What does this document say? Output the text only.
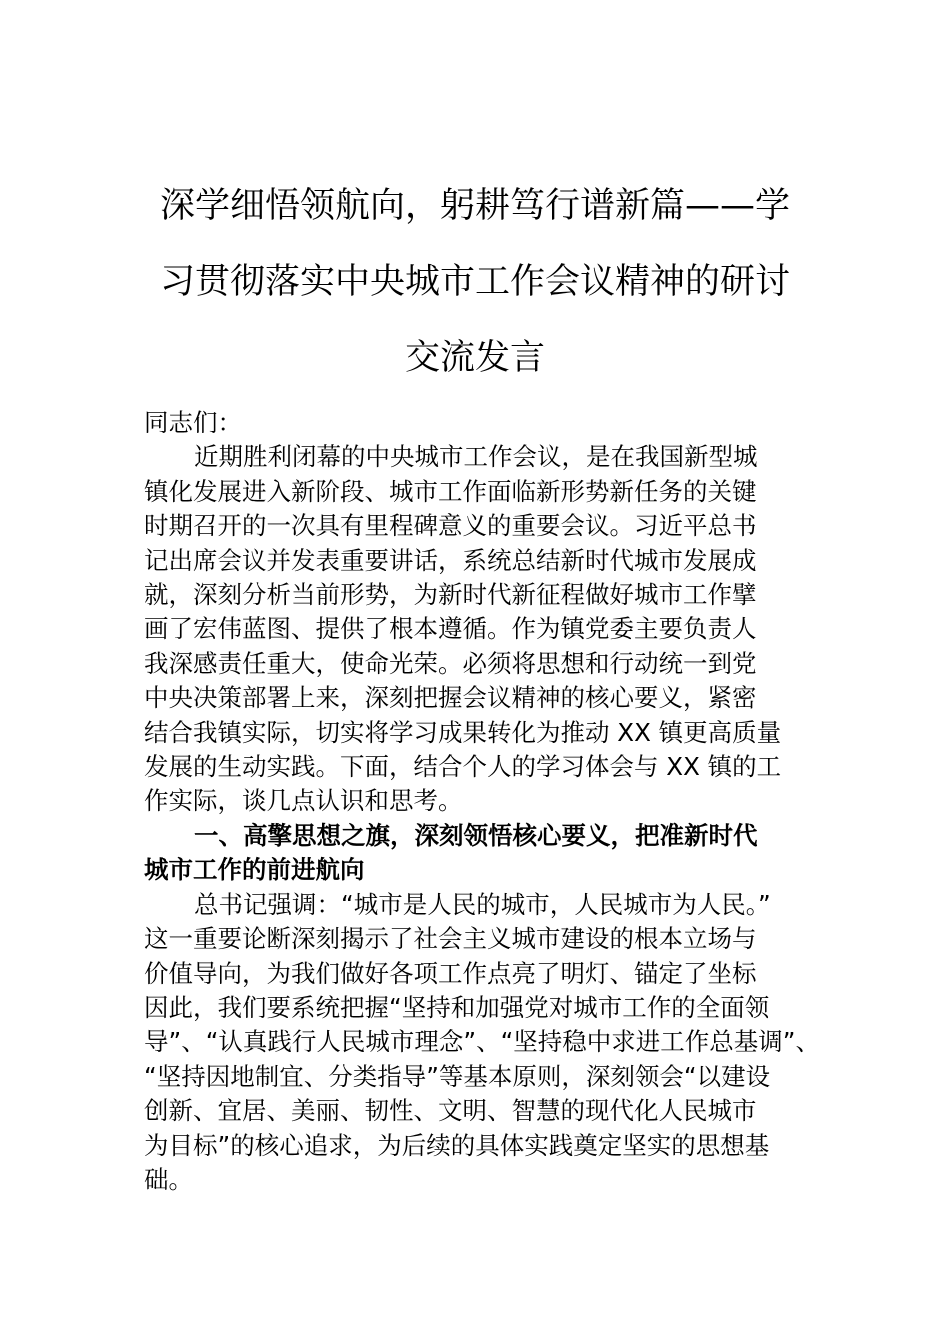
深学细悟领航向，躬耕笃行谱新篇——学
习贯彻落实中央城市工作会议精神的研讨
交流发言

同志们：

近期胜利闭幕的中央城市工作会议，是在我国新型城
镇化发展进入新阶段、城市工作面临新形势新任务的关键
时期召开的一次具有里程碑意义的重要会议。习近平总书
记出席会议并发表重要讲话，系统总结新时代城市发展成
就，深刻分析当前形势，为新时代新征程做好城市工作擘
画了宏伟蓝图、提供了根本遵循。作为镇党委主要负责人
我深感责任重大，使命光荣。必须将思想和行动统一到党
中央决策部署上来，深刻把握会议精神的核心要义，紧密
结合我镇实际，切实将学习成果转化为推动 XX 镇更高质量
发展的生动实践。下面，结合个人的学习体会与 XX 镇的工
作实际，谈几点认识和思考。

一、高擎思想之旗，深刻领悟核心要义，把准新时代
城市工作的前进航向

总书记强调：“城市是人民的城市，人民城市为人民。”
这一重要论断深刻揭示了社会主义城市建设的根本立场与
价值导向，为我们做好各项工作点亮了明灯、锚定了坐标
因此，我们要系统把握“坚持和加强党对城市工作的全面领
导”、“认真践行人民城市理念”、“坚持稳中求进工作总基调”、
“坚持因地制宜、分类指导”等基本原则，深刻领会“以建设
创新、宜居、美丽、韧性、文明、智慧的现代化人民城市
为目标”的核心追求，为后续的具体实践奠定坚实的思想基
础。
